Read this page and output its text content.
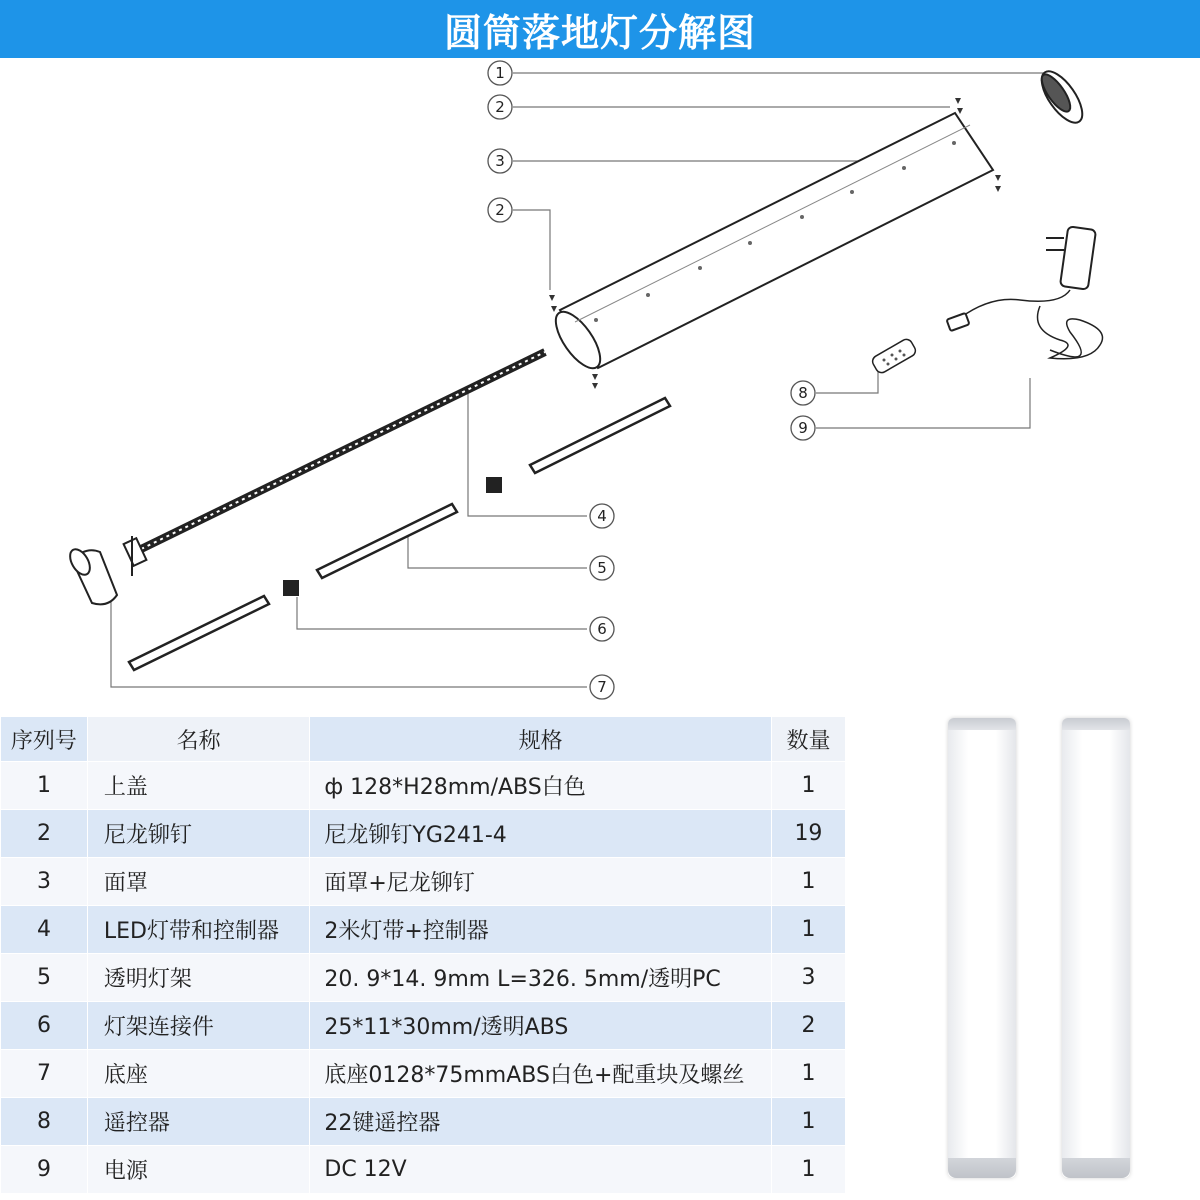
圆筒落地灯分解图
1
2
3
2
4
5
6
7
8
9
序列号	名称	规格	数量
1	上盖	ф 128*H28mm/ABS白色	1
2	尼龙铆钉	尼龙铆钉YG241-4	19
3	面罩	面罩+尼龙铆钉	1
4	LED灯带和控制器	2米灯带+控制器	1
5	透明灯架	20. 9*14. 9mm L=326. 5mm/透明PC	3
6	灯架连接件	25*11*30mm/透明ABS	2
7	底座	底座0128*75mmABS白色+配重块及螺丝	1
8	遥控器	22键遥控器	1
9	电源	DC 12V	1
